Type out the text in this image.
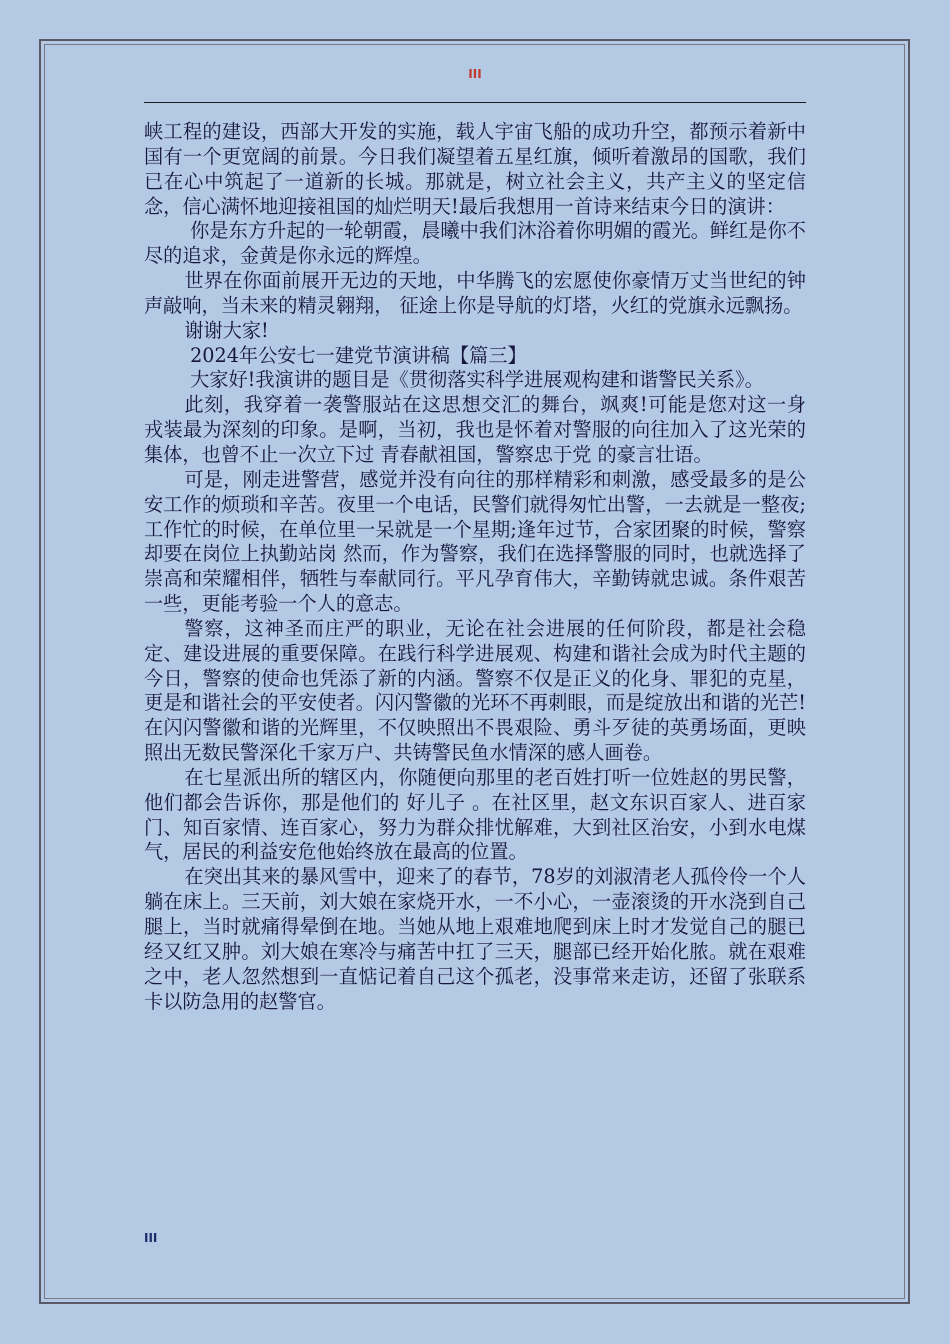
III

峡工程的建设，西部大开发的实施，载人宇宙飞船的成功升空，都预示着新中国有一个更宽阔的前景。今日我们凝望着五星红旗，倾听着激昂的国歌，我们已在心中筑起了一道新的长城。那就是，树立社会主义，共产主义的坚定信念，信心满怀地迎接祖国的灿烂明天!最后我想用一首诗来结束今日的演讲：

你是东方升起的一轮朝霞，晨曦中我们沐浴着你明媚的霞光。鲜红是你不尽的追求，金黄是你永远的辉煌。

世界在你面前展开无边的天地，中华腾飞的宏愿使你豪情万丈当世纪的钟声敲响，当未来的精灵翱翔， 征途上你是导航的灯塔，火红的党旗永远飘扬。

谢谢大家!

2024年公安七一建党节演讲稿【篇三】

大家好!我演讲的题目是《贯彻落实科学进展观构建和谐警民关系》。

此刻，我穿着一袭警服站在这思想交汇的舞台，飒爽!可能是您对这一身戎装最为深刻的印象。是啊，当初，我也是怀着对警服的向往加入了这光荣的集体，也曾不止一次立下过 青春献祖国，警察忠于党 的豪言壮语。

可是，刚走进警营，感觉并没有向往的那样精彩和刺激，感受最多的是公安工作的烦琐和辛苦。夜里一个电话，民警们就得匆忙出警，一去就是一整夜;工作忙的时候，在单位里一呆就是一个星期;逢年过节，合家团聚的时候，警察却要在岗位上执勤站岗 然而，作为警察，我们在选择警服的同时，也就选择了崇高和荣耀相伴，牺牲与奉献同行。平凡孕育伟大，辛勤铸就忠诚。条件艰苦一些，更能考验一个人的意志。

警察，这神圣而庄严的职业，无论在社会进展的任何阶段，都是社会稳定、建设进展的重要保障。在践行科学进展观、构建和谐社会成为时代主题的今日，警察的使命也凭添了新的内涵。警察不仅是正义的化身、罪犯的克星，更是和谐社会的平安使者。闪闪警徽的光环不再刺眼，而是绽放出和谐的光芒!在闪闪警徽和谐的光辉里，不仅映照出不畏艰险、勇斗歹徒的英勇场面，更映照出无数民警深化千家万户、共铸警民鱼水情深的感人画卷。

在七星派出所的辖区内，你随便向那里的老百姓打听一位姓赵的男民警，他们都会告诉你，那是他们的 好儿子 。在社区里，赵文东识百家人、进百家门、知百家情、连百家心，努力为群众排忧解难，大到社区治安，小到水电煤气，居民的利益安危他始终放在最高的位置。

在突出其来的暴风雪中，迎来了的春节，78岁的刘淑清老人孤伶伶一个人躺在床上。三天前，刘大娘在家烧开水，一不小心，一壶滚烫的开水浇到自己腿上，当时就痛得晕倒在地。当她从地上艰难地爬到床上时才发觉自己的腿已经又红又肿。刘大娘在寒冷与痛苦中扛了三天，腿部已经开始化脓。就在艰难之中，老人忽然想到一直惦记着自己这个孤老，没事常来走访，还留了张联系卡以防急用的赵警官。

III
